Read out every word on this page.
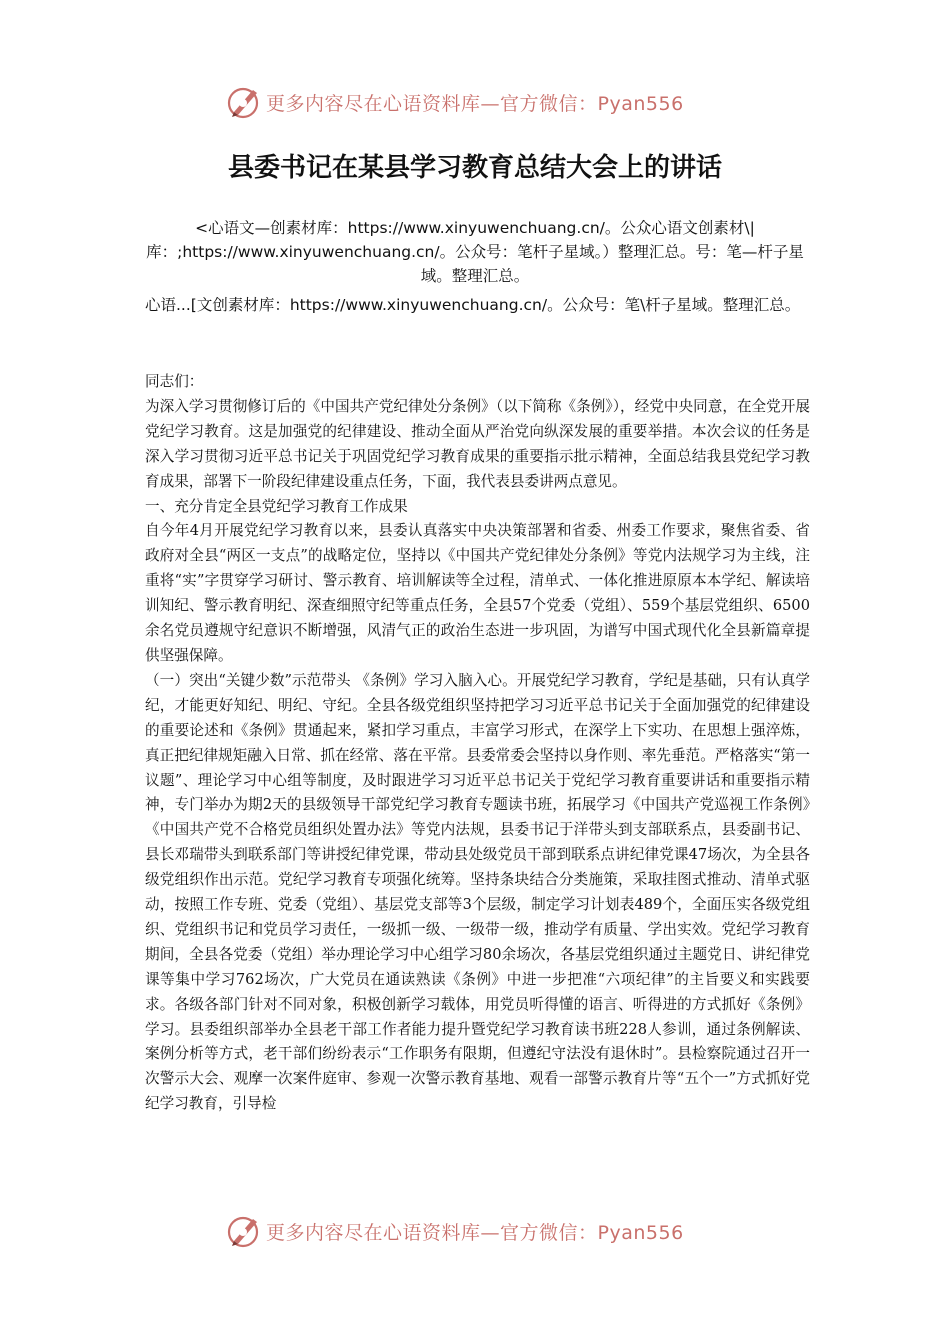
更多内容尽在心语资料库—官方微信：Pyan556
县委书记在某县学习教育总结大会上的讲话
<心语文—创素材库：https://www.xinyuwenchuang.cn/。公众心语文创素材\|库：;https://www.xinyuwenchuang.cn/。公众号：笔杆子星域。）整理汇总。号：笔—杆子星域。整理汇总。
心语...[文创素材库：https://www.xinyuwenchuang.cn/。公众号：笔\杆子星域。整理汇总。

同志们：

为深入学习贯彻修订后的《中国共产党纪律处分条例》（以下简称《条例》），经党中央同意，在全党开展党纪学习教育。这是加强党的纪律建设、推动全面从严治党向纵深发展的重要举措。本次会议的任务是深入学习贯彻习近平总书记关于巩固党纪学习教育成果的重要指示批示精神，全面总结我县党纪学习教育成果，部署下一阶段纪律建设重点任务，下面，我代表县委讲两点意见。

一、充分肯定全县党纪学习教育工作成果

自今年4月开展党纪学习教育以来，县委认真落实中央决策部署和省委、州委工作要求，聚焦省委、省政府对全县“两区一支点”的战略定位，坚持以《中国共产党纪律处分条例》等党内法规学习为主线，注重将“实”字贯穿学习研讨、警示教育、培训解读等全过程，清单式、一体化推进原原本本学纪、解读培训知纪、警示教育明纪、深查细照守纪等重点任务，全县57个党委（党组）、559个基层党组织、6500余名党员遵规守纪意识不断增强，风清气正的政治生态进一步巩固，为谱写中国式现代化全县新篇章提供坚强保障。

（一）突出“关键少数”示范带头 《条例》学习入脑入心。开展党纪学习教育，学纪是基础，只有认真学纪，才能更好知纪、明纪、守纪。全县各级党组织坚持把学习习近平总书记关于全面加强党的纪律建设的重要论述和《条例》贯通起来，紧扣学习重点，丰富学习形式，在深学上下实功、在思想上强淬炼，真正把纪律规矩融入日常、抓在经常、落在平常。县委常委会坚持以身作则、率先垂范。严格落实“第一议题”、理论学习中心组等制度，及时跟进学习习近平总书记关于党纪学习教育重要讲话和重要指示精神，专门举办为期2天的县级领导干部党纪学习教育专题读书班，拓展学习《中国共产党巡视工作条例》《中国共产党不合格党员组织处置办法》等党内法规，县委书记于洋带头到支部联系点，县委副书记、县长邓瑞带头到联系部门等讲授纪律党课，带动县处级党员干部到联系点讲纪律党课47场次，为全县各级党组织作出示范。党纪学习教育专项强化统筹。坚持条块结合分类施策，采取挂图式推动、清单式驱动，按照工作专班、党委（党组）、基层党支部等3个层级，制定学习计划表489个，全面压实各级党组织、党组织书记和党员学习责任，一级抓一级、一级带一级，推动学有质量、学出实效。党纪学习教育期间，全县各党委（党组）举办理论学习中心组学习80余场次，各基层党组织通过主题党日、讲纪律党课等集中学习762场次，广大党员在通读熟读《条例》中进一步把准“六项纪律”的主旨要义和实践要求。各级各部门针对不同对象，积极创新学习载体，用党员听得懂的语言、听得进的方式抓好《条例》学习。县委组织部举办全县老干部工作者能力提升暨党纪学习教育读书班228人参训，通过条例解读、案例分析等方式，老干部们纷纷表示“工作职务有限期，但遵纪守法没有退休时”。县检察院通过召开一次警示大会、观摩一次案件庭审、参观一次警示教育基地、观看一部警示教育片等“五个一”方式抓好党纪学习教育，引导检

更多内容尽在心语资料库—官方微信：Pyan556
